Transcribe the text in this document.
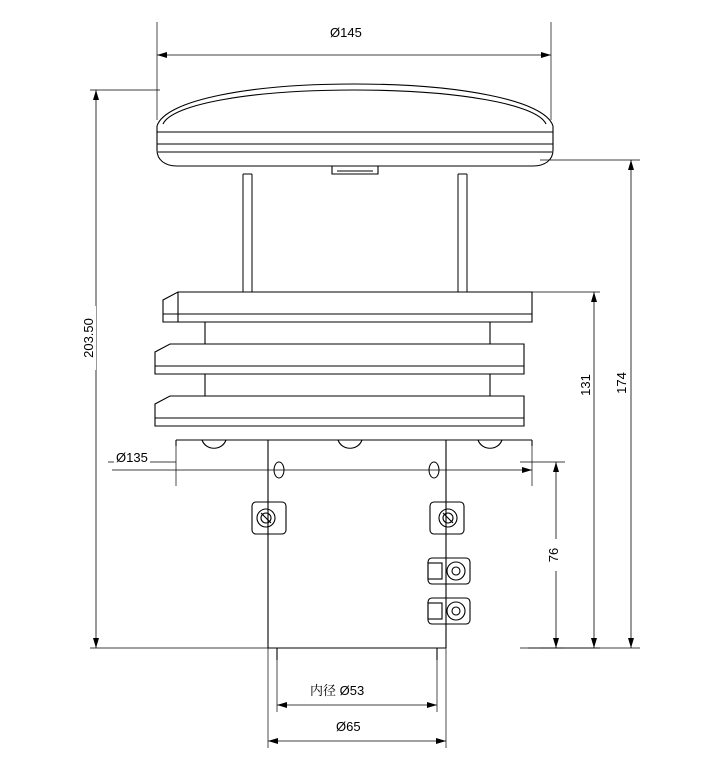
Ø145
203.50
174
131
76
Ø135
内径 Ø53
Ø65
